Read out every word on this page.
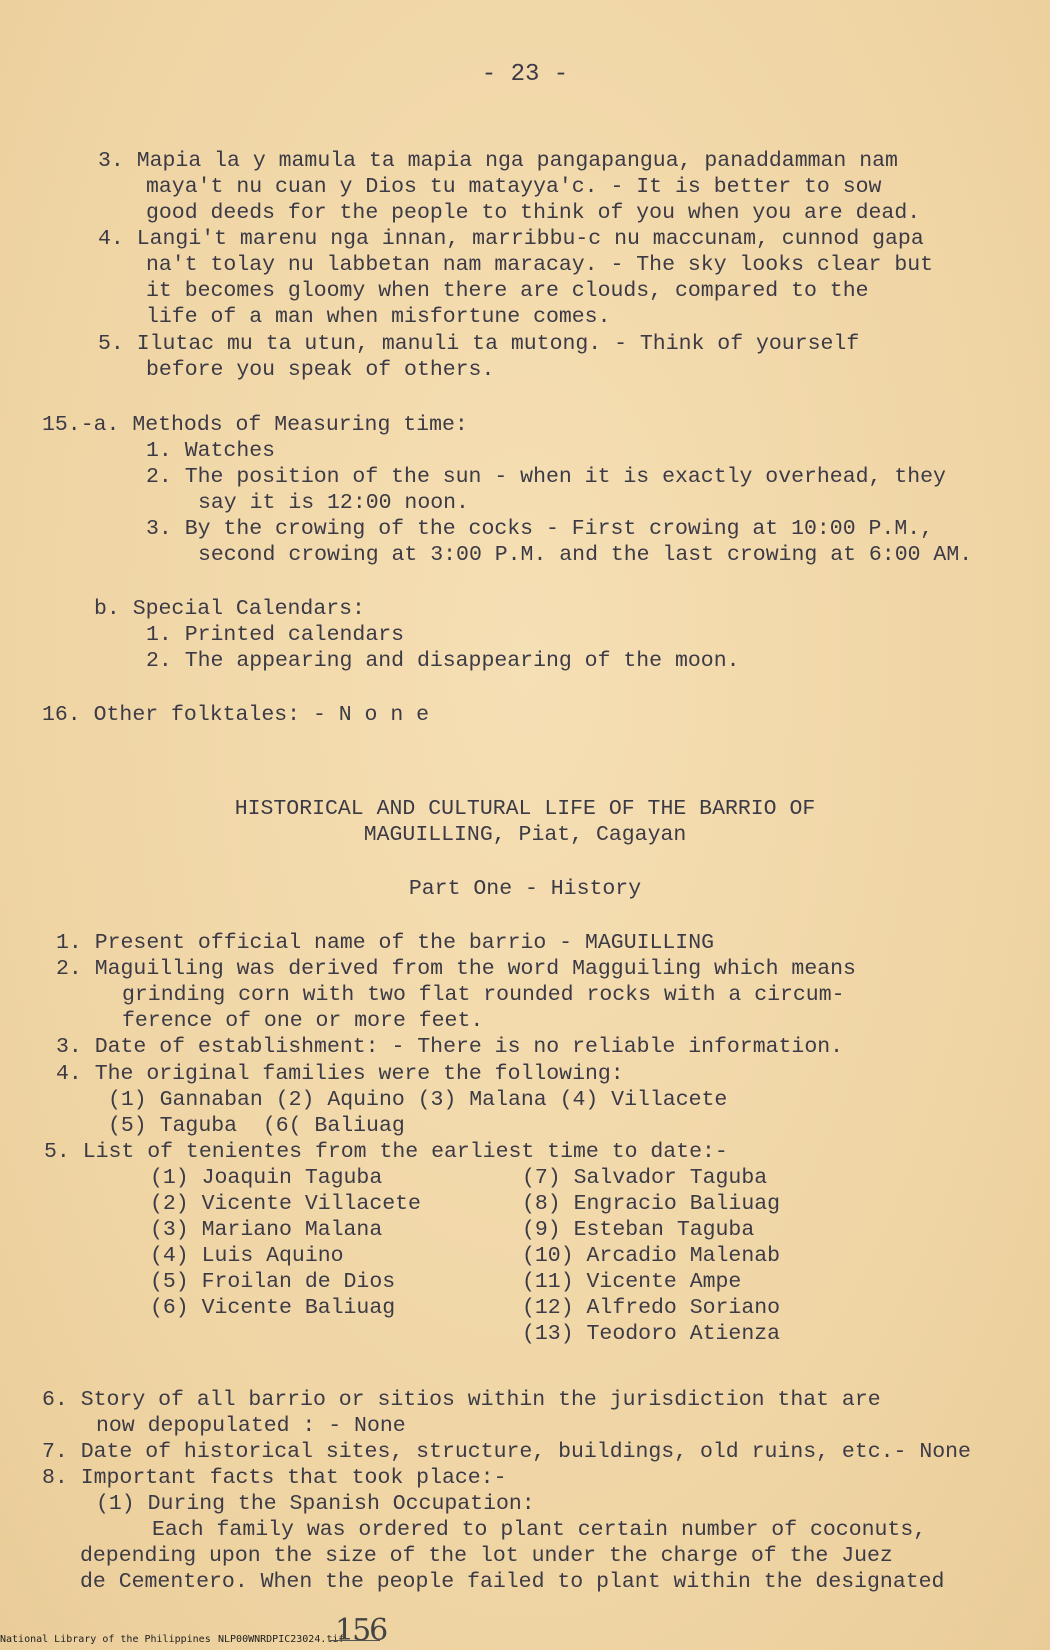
- 23 -
3. Mapia la y mamula ta mapia nga pangapangua, panaddamman nam
maya't nu cuan y Dios tu matayya'c. - It is better to sow
good deeds for the people to think of you when you are dead.
4. Langi't marenu nga innan, marribbu-c nu maccunam, cunnod gapa
na't tolay nu labbetan nam maracay. - The sky looks clear but
it becomes gloomy when there are clouds, compared to the
life of a man when misfortune comes.
5. Ilutac mu ta utun, manuli ta mutong. - Think of yourself
before you speak of others.
15.-a. Methods of Measuring time:
1. Watches
2. The position of the sun - when it is exactly overhead, they
say it is 12:00 noon.
3. By the crowing of the cocks - First crowing at 10:00 P.M.,
second crowing at 3:00 P.M. and the last crowing at 6:00 AM.
b. Special Calendars:
1. Printed calendars
2. The appearing and disappearing of the moon.
16. Other folktales: - N o n e
HISTORICAL AND CULTURAL LIFE OF THE BARRIO OF
MAGUILLING, Piat, Cagayan
Part One - History
1. Present official name of the barrio - MAGUILLING
2. Maguilling was derived from the word Magguiling which means
grinding corn with two flat rounded rocks with a circum-
ference of one or more feet.
3. Date of establishment: - There is no reliable information.
4. The original families were the following:
(1) Gannaban (2) Aquino (3) Malana (4) Villacete
(5) Taguba  (6( Baliuag
5. List of tenientes from the earliest time to date:-
(1) Joaquin Taguba
(2) Vicente Villacete
(3) Mariano Malana
(4) Luis Aquino
(5) Froilan de Dios
(6) Vicente Baliuag
(7) Salvador Taguba
(8) Engracio Baliuag
(9) Esteban Taguba
(10) Arcadio Malenab
(11) Vicente Ampe
(12) Alfredo Soriano
(13) Teodoro Atienza
6. Story of all barrio or sitios within the jurisdiction that are
now depopulated : - None
7. Date of historical sites, structure, buildings, old ruins, etc.- None
8. Important facts that took place:-
(1) During the Spanish Occupation:
Each family was ordered to plant certain number of coconuts,
depending upon the size of the lot under the charge of the Juez
de Cementero. When the people failed to plant within the designated
National Library of the Philippines NLP00WNRDPIC23024.tif
156
